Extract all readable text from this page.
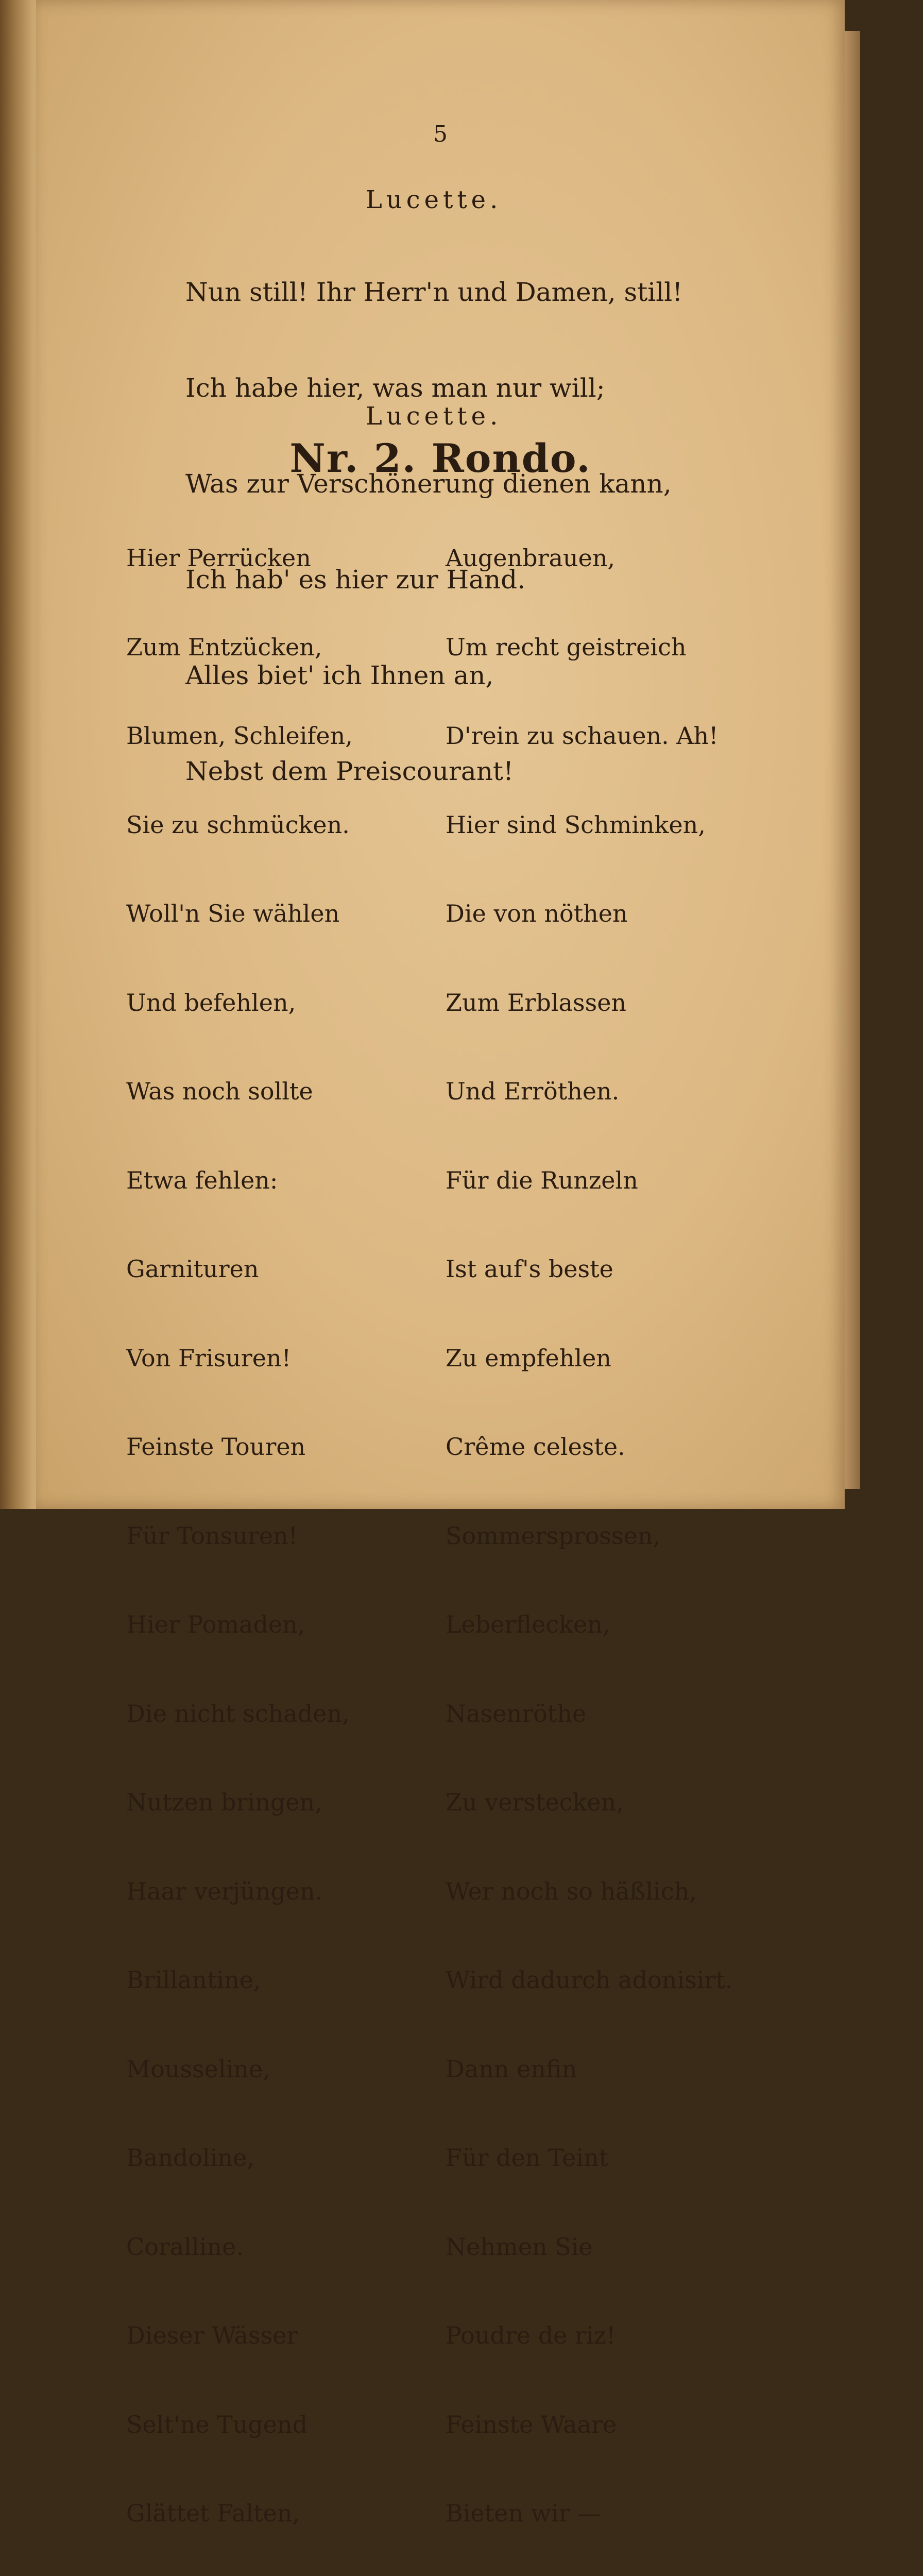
5
Lucette.

Nun still! Ihr Herr'n und Damen, still!

Ich habe hier, was man nur will;

Was zur Verschönerung dienen kann,

Ich hab' es hier zur Hand.

Alles biet' ich Ihnen an,

Nebst dem Preiscourant!

Lucette.
Nr. 2. Rondo.

Hier Perrücken

Zum Entzücken,

Blumen, Schleifen,

Sie zu schmücken.

Woll'n Sie wählen

Und befehlen,

Was noch sollte

Etwa fehlen:

Garnituren

Von Frisuren!

Feinste Touren

Für Tonsuren!

Hier Pomaden,

Die nicht schaden,

Nutzen bringen,

Haar verjüngen.

Brillantine,

Mousseline,

Bandoline,

Coralline.

Dieser Wässer

Selt'ne Tugend

Glättet Falten,

Augenbrauen,

Um recht geistreich

D'rein zu schauen. Ah!

Hier sind Schminken,

Die von nöthen

Zum Erblassen

Und Erröthen.

Für die Runzeln

Ist auf's beste

Zu empfehlen

Crême celeste.

Sommersprossen,

Leberflecken,

Nasenröthe

Zu verstecken,

Wer noch so häßlich,

Wird dadurch adonisirt.

Dann enfin

Für den Teint

Nehmen Sie

Poudre de riz!

Feinste Waare

Bieten wir —
